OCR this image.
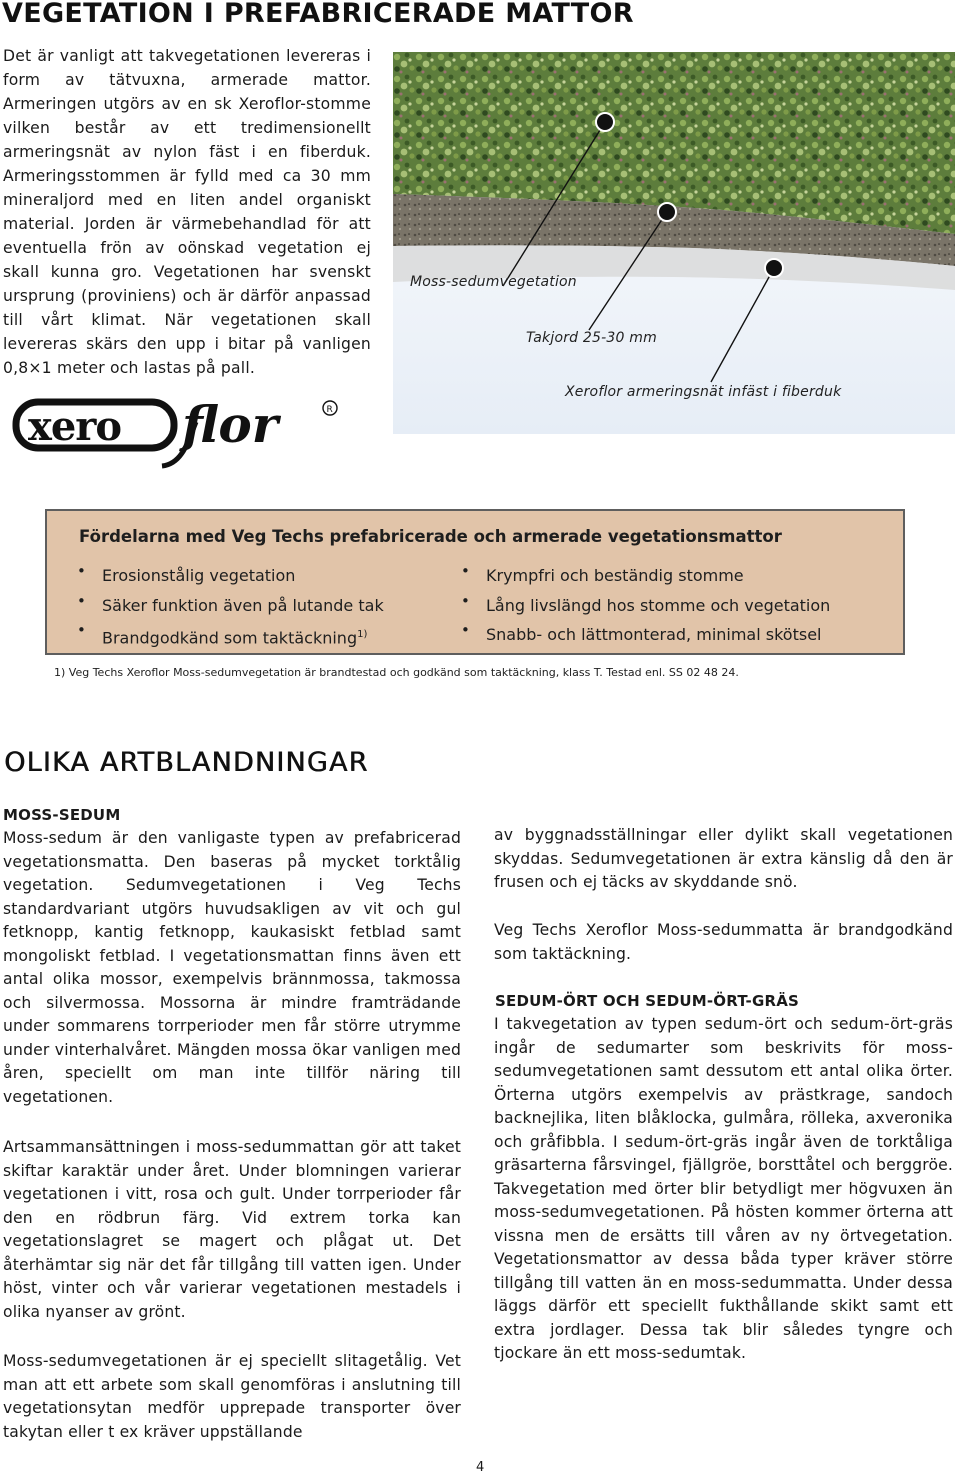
VEGETATION I PREFABRICERADE MATTOR

Det är vanligt att takvegetationen levereras i form av tätvuxna, armerade mattor. Armeringen utgörs av en sk Xeroflor-stomme vilken består av ett tredimensionellt armeringsnät av nylon fäst i en fiberduk. Armeringsstommen är fylld med ca 30 mm mineraljord med en liten andel organiskt material. Jorden är värmebehandlad för att eventuella frön av oönskad vegetation ej skall kunna gro. Vegetationen har svenskt ursprung (proviniens) och är därför anpassad till vårt klimat. När vegetationen skall levereras skärs den upp i bitar på vanligen 0,8×1 meter och lastas på pall.

xero flor	R
Moss-sedumvegetation
Takjord 25-30 mm
Xeroflor armeringsnät infäst i fiberduk
Fördelarna med Veg Techs prefabricerade och armerade vegetationsmattor
• Erosionstålig vegetation
• Säker funktion även på lutande tak
• Brandgodkänd som taktäckning$^{1)}$
• Krympfri och beständig stomme
• Lång livslängd hos stomme och vegetation
• Snabb- och lättmonterad, minimal skötsel
1) Veg Techs Xeroflor Moss-sedumvegetation är brandtestad och godkänd som taktäckning, klass T. Testad enl. SS 02 48 24.
OLIKA ARTBLANDNINGAR
MOSS-SEDUM

Moss-sedum är den vanligaste typen av prefabricerad vegetationsmatta. Den baseras på mycket torktålig vegetation. Sedumvegetationen i Veg Techs standardvariant utgörs huvudsakligen av vit och gul fetknopp, kantig fetknopp, kaukasiskt fetblad samt mongoliskt fetblad. I vegetationsmattan finns även ett antal olika mossor, exempelvis brännmossa, takmossa och silvermossa. Mossorna är mindre framträdande under sommarens torrperioder men får större utrymme under vinterhalvåret. Mängden mossa ökar vanligen med åren, speciellt om man inte tillför näring till vegetationen.

Artsammansättningen i moss-sedummattan gör att taket skiftar karaktär under året. Under blomningen varierar vegetationen i vitt, rosa och gult. Under torrperioder får den en rödbrun färg. Vid extrem torka kan vegetationslagret se magert och plågat ut. Det återhämtar sig när det får tillgång till vatten igen. Under höst, vinter och vår varierar vegetationen mestadels i olika nyanser av grönt.

Moss-sedumvegetationen är ej speciellt slitagetålig. Vet man att ett arbete som skall genomföras i anslutning till vegetationsytan medför upprepade transporter över takytan eller t ex kräver uppställande

av byggnadsställningar eller dylikt skall vegetationen skyddas. Sedumvegetationen är extra känslig då den är frusen och ej täcks av skyddande snö.

Veg Techs Xeroflor Moss-sedummatta är brandgodkänd som taktäckning.

SEDUM-ÖRT OCH SEDUM-ÖRT-GRÄS

I takvegetation av typen sedum-ört och sedum-ört-gräs ingår de sedumarter som beskrivits för moss-sedumvegetationen samt dessutom ett antal olika örter. Örterna utgörs exempelvis av prästkrage, sandoch backnejlika, liten blåklocka, gulmåra, rölleka, axveronika och gråfibbla. I sedum-ört-gräs ingår även de torktåliga gräsarterna fårsvingel, fjällgröe, borsttåtel och berggröe. Takvegetation med örter blir betydligt mer högvuxen än moss-sedumvegetationen. På hösten kommer örterna att vissna men de ersätts till våren av ny örtvegetation. Vegetationsmattor av dessa båda typer kräver större tillgång till vatten än en moss-sedummatta. Under dessa läggs därför ett speciellt fukthållande skikt samt ett extra jordlager. Dessa tak blir således tyngre och tjockare än ett moss-sedumtak.

4
